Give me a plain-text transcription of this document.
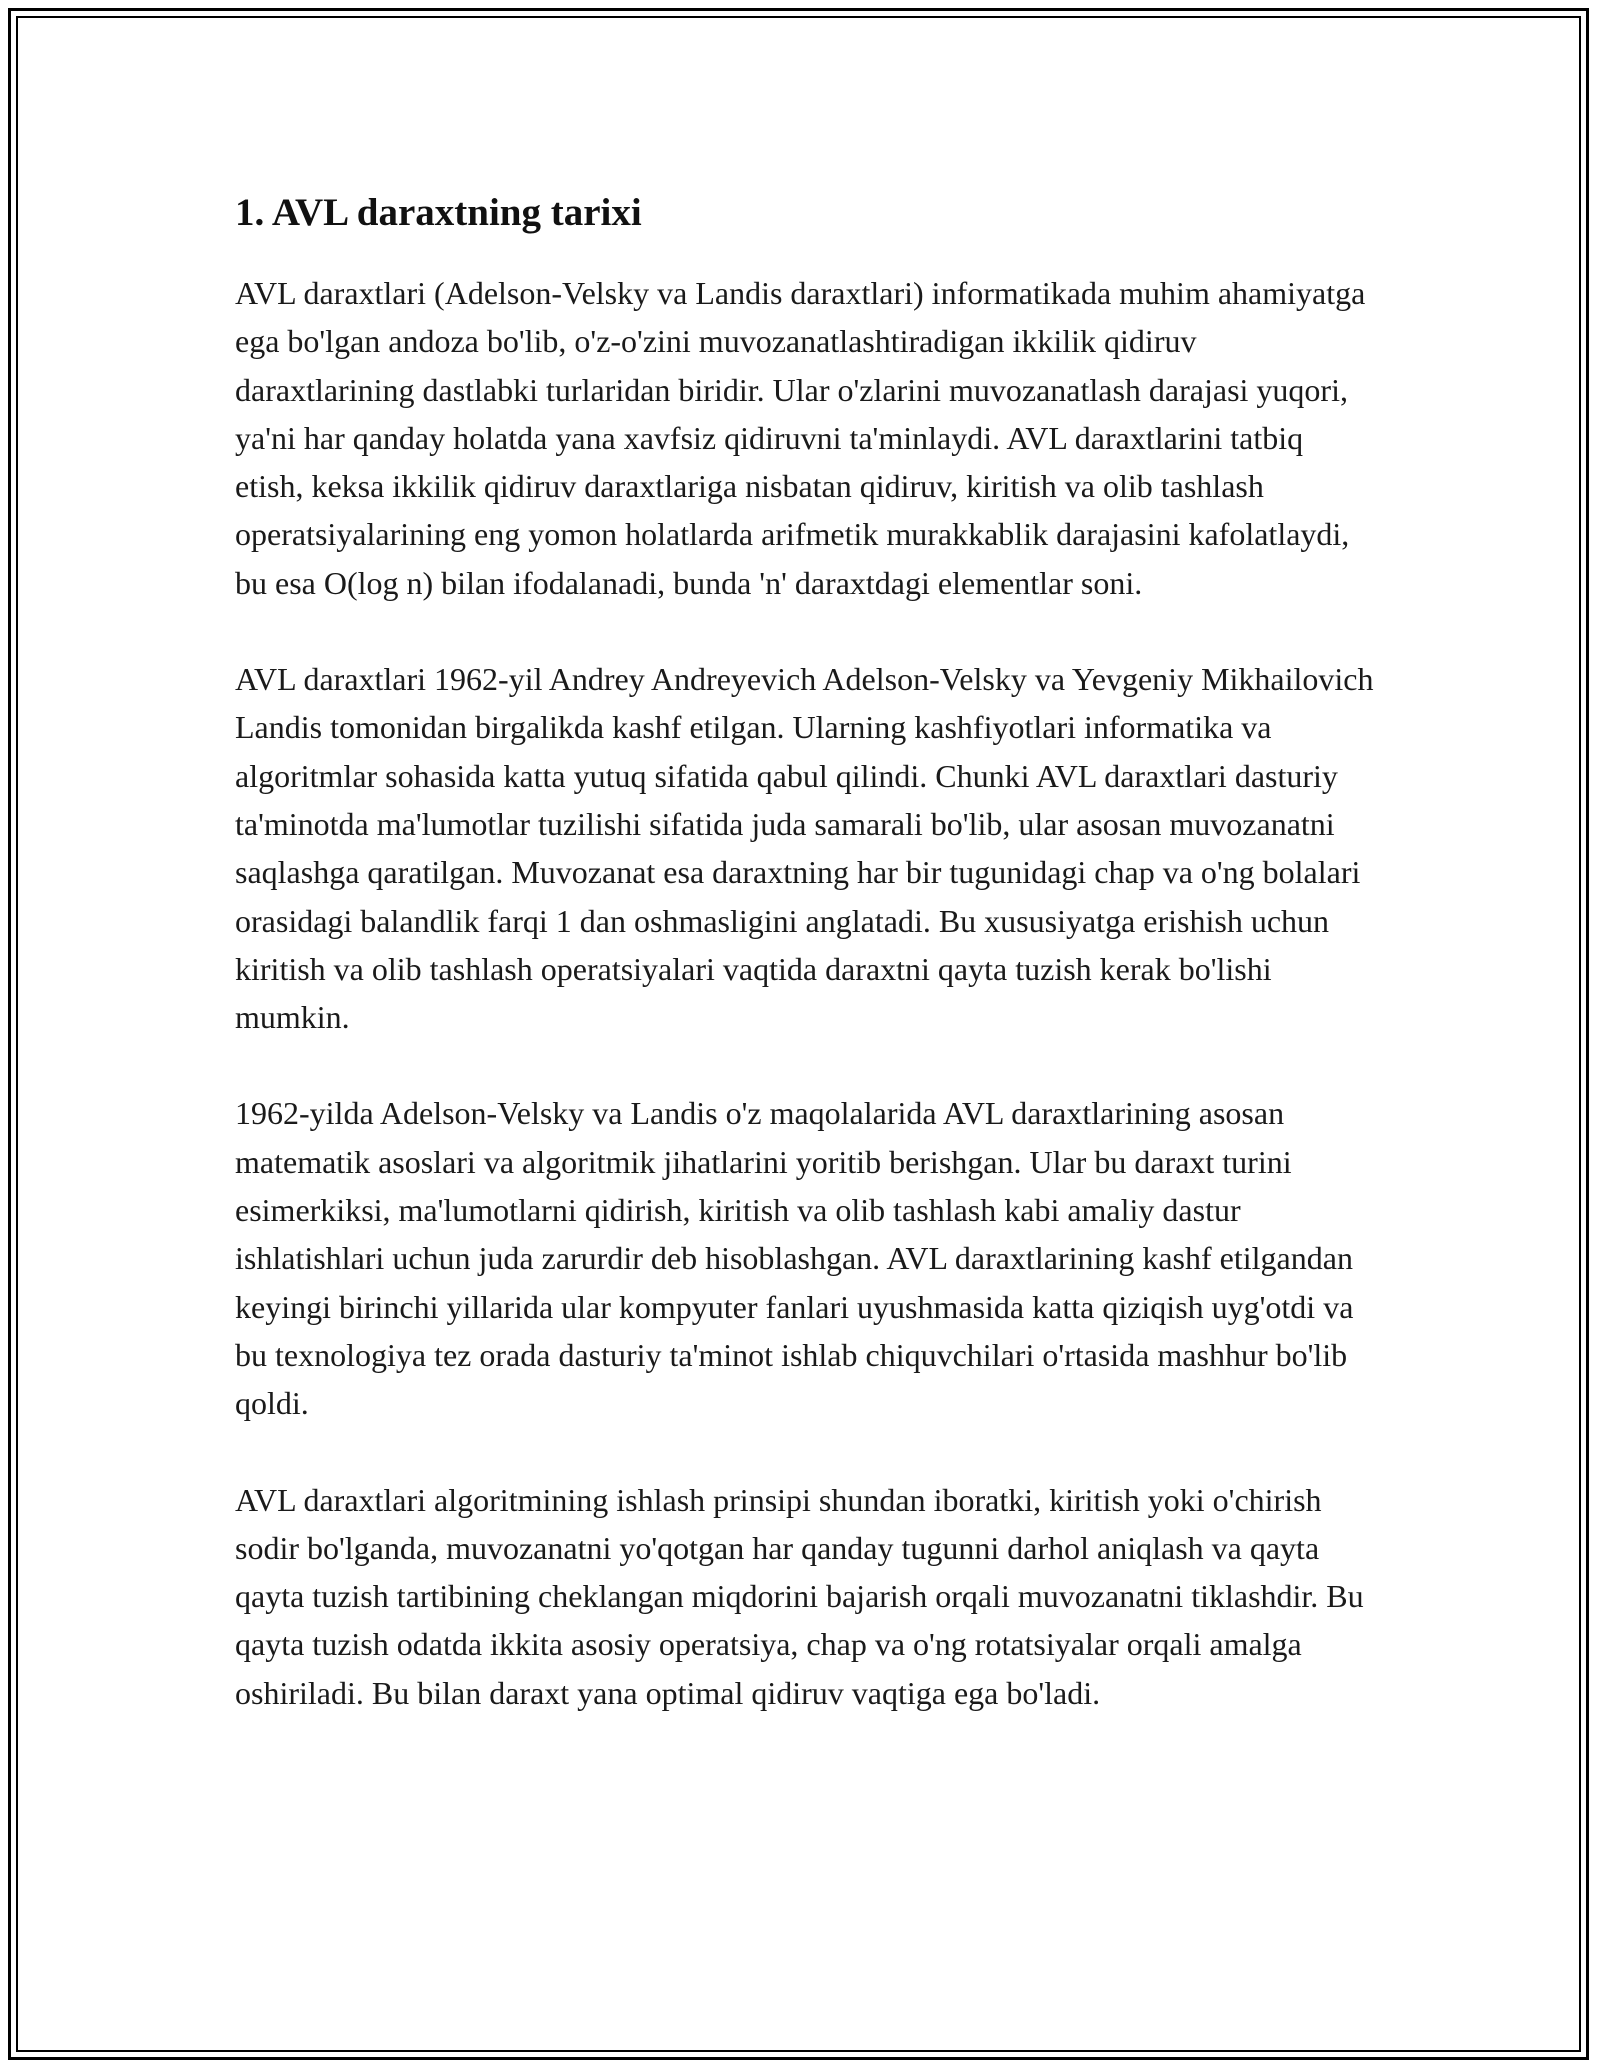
1. AVL daraxtning tarixi

AVL daraxtlari (Adelson-Velsky va Landis daraxtlari) informatikada muhim ahamiyatga ega bo'lgan andoza bo'lib, o'z-o'zini muvozanatlashtiradigan ikkilik qidiruv daraxtlarining dastlabki turlaridan biridir. Ular o'zlarini muvozanatlash darajasi yuqori, ya'ni har qanday holatda yana xavfsiz qidiruvni ta'minlaydi. AVL daraxtlarini tatbiq etish, keksa ikkilik qidiruv daraxtlariga nisbatan qidiruv, kiritish va olib tashlash operatsiyalarining eng yomon holatlarda arifmetik murakkablik darajasini kafolatlaydi, bu esa O(log n) bilan ifodalanadi, bunda 'n' daraxtdagi elementlar soni.

AVL daraxtlari 1962-yil Andrey Andreyevich Adelson-Velsky va Yevgeniy Mikhailovich Landis tomonidan birgalikda kashf etilgan. Ularning kashfiyotlari informatika va algoritmlar sohasida katta yutuq sifatida qabul qilindi. Chunki AVL daraxtlari dasturiy ta'minotda ma'lumotlar tuzilishi sifatida juda samarali bo'lib, ular asosan muvozanatni saqlashga qaratilgan. Muvozanat esa daraxtning har bir tugunidagi chap va o'ng bolalari orasidagi balandlik farqi 1 dan oshmasligini anglatadi. Bu xususiyatga erishish uchun kiritish va olib tashlash operatsiyalari vaqtida daraxtni qayta tuzish kerak bo'lishi mumkin.

1962-yilda Adelson-Velsky va Landis o'z maqolalarida AVL daraxtlarining asosan matematik asoslari va algoritmik jihatlarini yoritib berishgan. Ular bu daraxt turini esimerkiksi, ma'lumotlarni qidirish, kiritish va olib tashlash kabi amaliy dastur ishlatishlari uchun juda zarurdir deb hisoblashgan. AVL daraxtlarining kashf etilgandan keyingi birinchi yillarida ular kompyuter fanlari uyushmasida katta qiziqish uyg'otdi va bu texnologiya tez orada dasturiy ta'minot ishlab chiquvchilari o'rtasida mashhur bo'lib qoldi.

AVL daraxtlari algoritmining ishlash prinsipi shundan iboratki, kiritish yoki o'chirish sodir bo'lganda, muvozanatni yo'qotgan har qanday tugunni darhol aniqlash va qayta qayta tuzish tartibining cheklangan miqdorini bajarish orqali muvozanatni tiklashdir. Bu qayta tuzish odatda ikkita asosiy operatsiya, chap va o'ng rotatsiyalar orqali amalga oshiriladi. Bu bilan daraxt yana optimal qidiruv vaqtiga ega bo'ladi.
